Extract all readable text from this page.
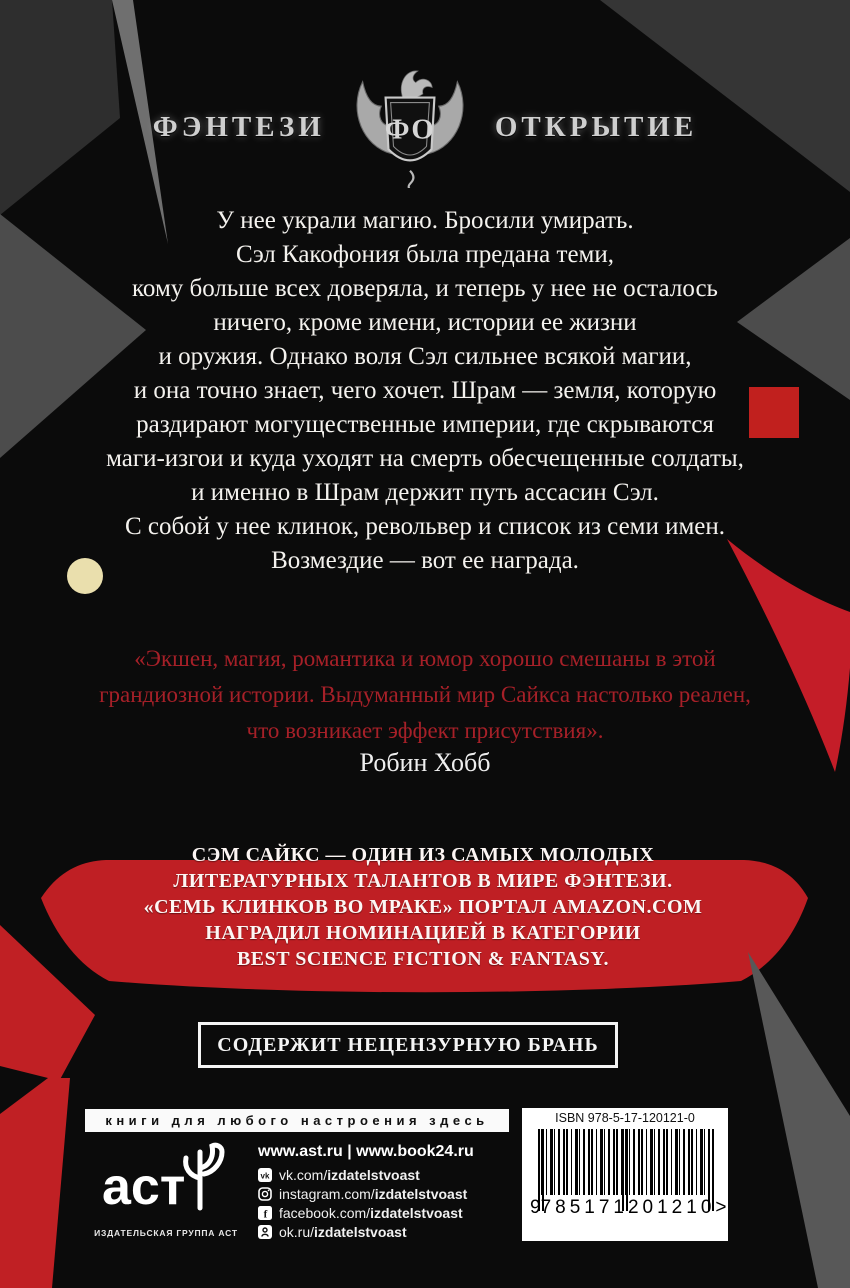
ФЭНТЕЗИ ФО ОТКРЫТИЕ
У нее украли магию. Бросили умирать.
Сэл Какофония была предана теми,
кому больше всех доверяла, и теперь у нее не осталось
ничего, кроме имени, истории ее жизни
и оружия. Однако воля Сэл сильнее всякой магии,
и она точно знает, чего хочет. Шрам — земля, которую
раздирают могущественные империи, где скрываются
маги-изгои и куда уходят на смерть обесчещенные солдаты,
и именно в Шрам держит путь ассасин Сэл.
С собой у нее клинок, револьвер и список из семи имен.
Возмездие — вот ее награда.
«Экшен, магия, романтика и юмор хорошо смешаны в этой
грандиозной истории. Выдуманный мир Сайкса настолько реален,
что возникает эффект присутствия».
Робин Хобб
СЭМ САЙКС — ОДИН ИЗ САМЫХ МОЛОДЫХ
ЛИТЕРАТУРНЫХ ТАЛАНТОВ В МИРЕ ФЭНТЕЗИ.
«СЕМЬ КЛИНКОВ ВО МРАКЕ» ПОРТАЛ AMAZON.COM
НАГРАДИЛ НОМИНАЦИЕЙ В КАТЕГОРИИ
BEST SCIENCE FICTION & FANTASY.
СОДЕРЖИТ НЕЦЕНЗУРНУЮ БРАНЬ
книги для любого настроения здесь
аст
ИЗДАТЕЛЬСКАЯ ГРУППА АСТ
www.ast.ru | www.book24.ru
vk vk.com/izdatelstvoast
instagram.com/izdatelstvoast
f facebook.com/izdatelstvoast
ok.ru/izdatelstvoast
ISBN 978-5-17-120121-0
9 785171 201210 >
